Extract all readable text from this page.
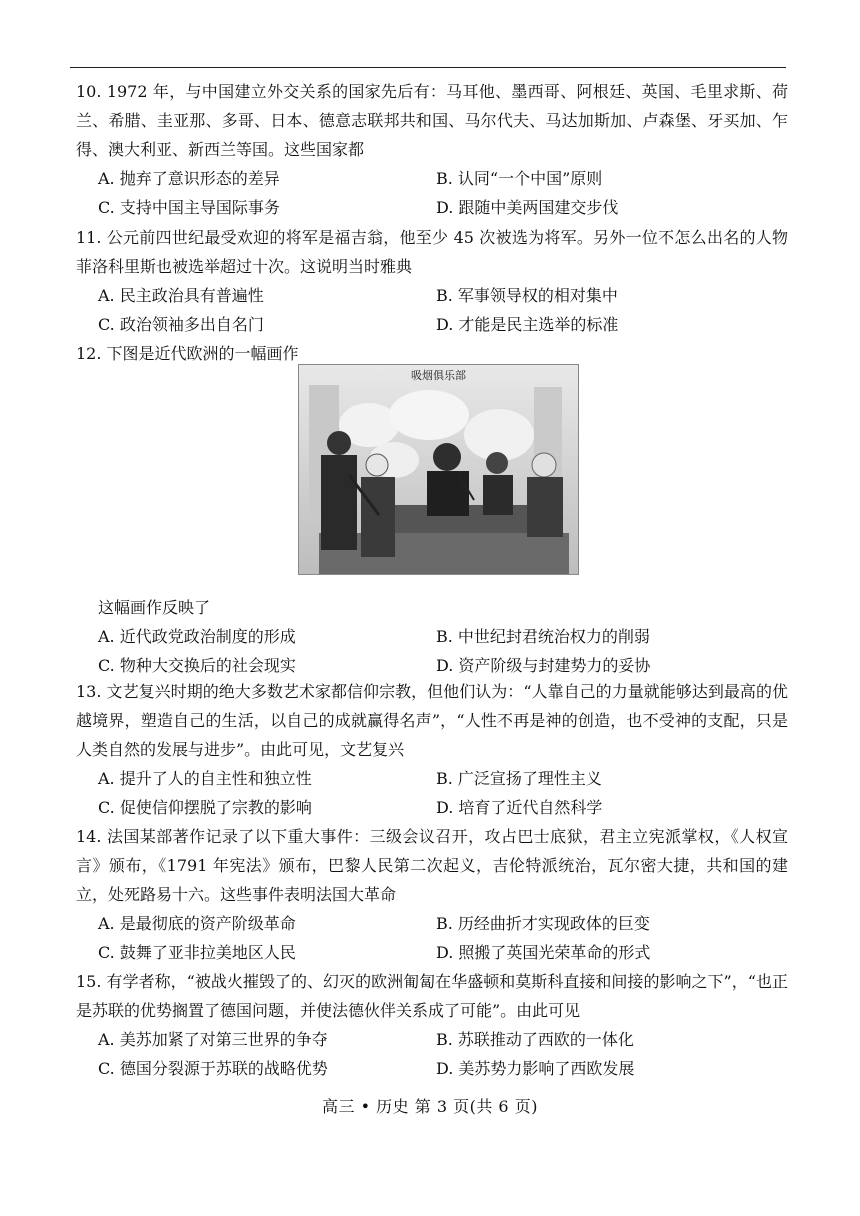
10. 1972 年，与中国建立外交关系的国家先后有：马耳他、墨西哥、阿根廷、英国、毛里求斯、荷兰、希腊、圭亚那、多哥、日本、德意志联邦共和国、马尔代夫、马达加斯加、卢森堡、牙买加、乍得、澳大利亚、新西兰等国。这些国家都

A. 抛弃了意识形态的差异	B. 认同“一个中国”原则
C. 支持中国主导国际事务	D. 跟随中美两国建交步伐

11. 公元前四世纪最受欢迎的将军是福吉翁，他至少 45 次被选为将军。另外一位不怎么出名的人物菲洛科里斯也被选举超过十次。这说明当时雅典

A. 民主政治具有普遍性	B. 军事领导权的相对集中
C. 政治领袖多出自名门	D. 才能是民主选举的标准

12. 下图是近代欧洲的一幅画作

吸烟俱乐部

这幅画作反映了

A. 近代政党政治制度的形成	B. 中世纪封君统治权力的削弱
C. 物种大交换后的社会现实	D. 资产阶级与封建势力的妥协

13. 文艺复兴时期的绝大多数艺术家都信仰宗教，但他们认为：“人靠自己的力量就能够达到最高的优越境界，塑造自己的生活，以自己的成就赢得名声”，“人性不再是神的创造，也不受神的支配，只是人类自然的发展与进步”。由此可见，文艺复兴

A. 提升了人的自主性和独立性	B. 广泛宣扬了理性主义
C. 促使信仰摆脱了宗教的影响	D. 培育了近代自然科学

14. 法国某部著作记录了以下重大事件：三级会议召开，攻占巴士底狱，君主立宪派掌权，《人权宣言》颁布，《1791 年宪法》颁布，巴黎人民第二次起义，吉伦特派统治，瓦尔密大捷，共和国的建立，处死路易十六。这些事件表明法国大革命

A. 是最彻底的资产阶级革命	B. 历经曲折才实现政体的巨变
C. 鼓舞了亚非拉美地区人民	D. 照搬了英国光荣革命的形式

15. 有学者称，“被战火摧毁了的、幻灭的欧洲匍匐在华盛顿和莫斯科直接和间接的影响之下”，“也正是苏联的优势搁置了德国问题，并使法德伙伴关系成了可能”。由此可见

A. 美苏加紧了对第三世界的争夺	B. 苏联推动了西欧的一体化
C. 德国分裂源于苏联的战略优势	D. 美苏势力影响了西欧发展
高三 • 历史 第 3 页(共 6 页)
